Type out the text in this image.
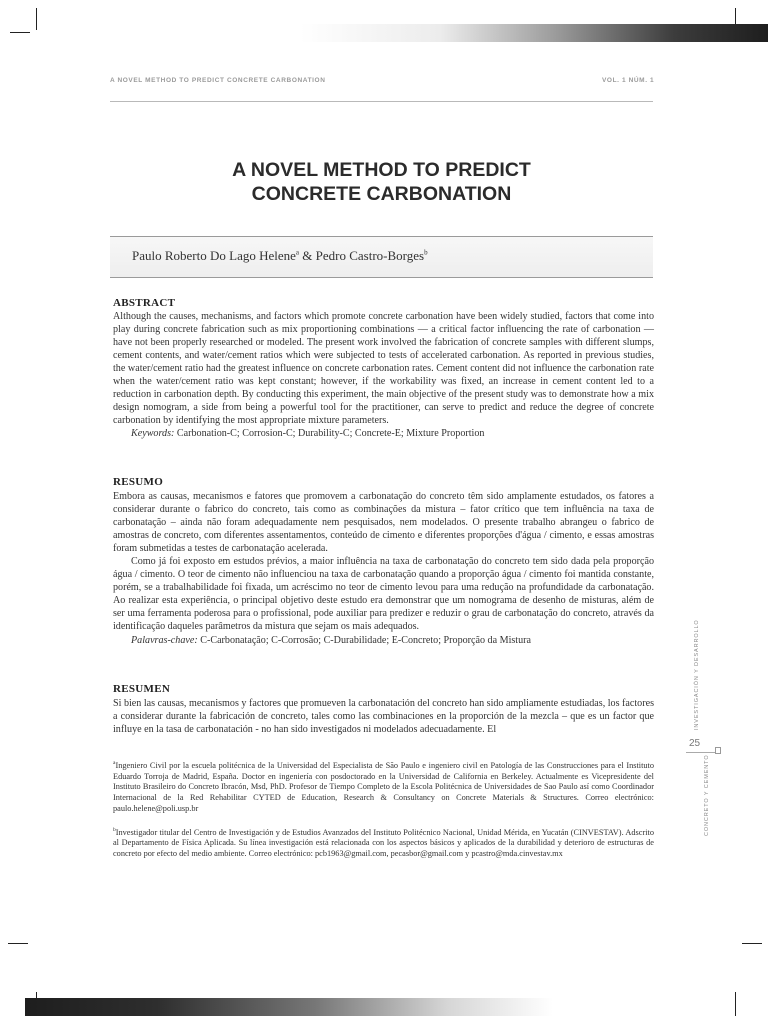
A NOVEL METHOD TO PREDICT CONCRETE CARBONATION	VOL. 1 NÚM. 1
A NOVEL METHOD TO PREDICT
CONCRETE CARBONATION
Paulo Roberto Do Lago Helene$^a$ & Pedro Castro-Borges$^b$
ABSTRACT

Although the causes, mechanisms, and factors which promote concrete carbonation have been widely studied, factors that come into play during concrete fabrication such as mix proportioning combinations — a critical factor influencing the rate of carbonation — have not been properly researched or modeled. The present work involved the fabrication of concrete samples with different slumps, cement contents, and water/cement ratios which were subjected to tests of accelerated carbonation. As reported in previous studies, the water/cement ratio had the greatest influence on concrete carbonation rates. Cement content did not influence the carbonation rate when the water/cement ratio was kept constant; however, if the workability was fixed, an increase in cement content led to a reduction in carbonation depth. By conducting this experiment, the main objective of the present study was to demonstrate how a mix design nomogram, a side from being a powerful tool for the practitioner, can serve to predict and reduce the degree of concrete carbonation by identifying the most appropriate mixture parameters.

Keywords: Carbonation-C; Corrosion-C; Durability-C; Concrete-E; Mixture Proportion

RESUMO

Embora as causas, mecanismos e fatores que promovem a carbonatação do concreto têm sido amplamente estudados, os fatores a considerar durante o fabrico do concreto, tais como as combinações da mistura – fator crítico que tem influência na taxa de carbonatação – ainda não foram adequadamente nem pesquisados, nem modelados. O presente trabalho abrangeu o fabrico de amostras de concreto, com diferentes assentamentos, conteúdo de cimento e diferentes proporções d'água / cimento, e essas amostras foram submetidas a testes de carbonatação acelerada.

Como já foi exposto em estudos prévios, a maior influência na taxa de carbonatação do concreto tem sido dada pela proporção água / cimento. O teor de cimento não influenciou na taxa de carbonatação quando a proporção água / cimento foi mantida constante, porém, se a trabalhabilidade foi fixada, um acréscimo no teor de cimento levou para uma redução na profundidade da carbonatação. Ao realizar esta experiência, o principal objetivo deste estudo era demonstrar que um nomograma de desenho de misturas, além de ser uma ferramenta poderosa para o profissional, pode auxiliar para predizer e reduzir o grau de carbonatação do concreto, através da identificação daqueles parâmetros da mistura que sejam os mais adequados.

Palavras-chave: C-Carbonatação; C-Corrosão; C-Durabilidade; E-Concreto; Proporção da Mistura

RESUMEN

Si bien las causas, mecanismos y factores que promueven la carbonatación del concreto han sido ampliamente estudiadas, los factores a considerar durante la fabricación de concreto, tales como las combinaciones en la proporción de la mezcla – que es un factor que influye en la tasa de carbonatación - no han sido investigados ni modelados adecuadamente. El

$^a$Ingeniero Civil por la escuela politécnica de la Universidad del Especialista de São Paulo e ingeniero civil en Patología de las Construcciones para el Instituto Eduardo Torroja de Madrid, España. Doctor en ingeniería con posdoctorado en la Universidad de California en Berkeley. Actualmente es Vicepresidente del Instituto Brasileiro do Concreto Ibracón, Msd, PhD. Profesor de Tiempo Completo de la Escola Politécnica de Universidades de Sao Paulo así como Coordinador Internacional de la Red Rehabilitar CYTED de Education, Research & Consultancy on Concrete Materials & Structures. Correo electrónico: paulo.helene@poli.usp.br

$^b$Investigador titular del Centro de Investigación y de Estudios Avanzados del Instituto Politécnico Nacional, Unidad Mérida, en Yucatán (CINVESTAV). Adscrito al Departamento de Física Aplicada. Su línea investigación está relacionada con los aspectos básicos y aplicados de la durabilidad y deterioro de estructuras de concreto por efecto del medio ambiente. Correo electrónico: pcb1963@gmail.com, pecasbor@gmail.com y pcastro@mda.cinvestav.mx

INVESTIGACIÓN Y DESARROLLO
25
CONCRETO Y CEMENTO
